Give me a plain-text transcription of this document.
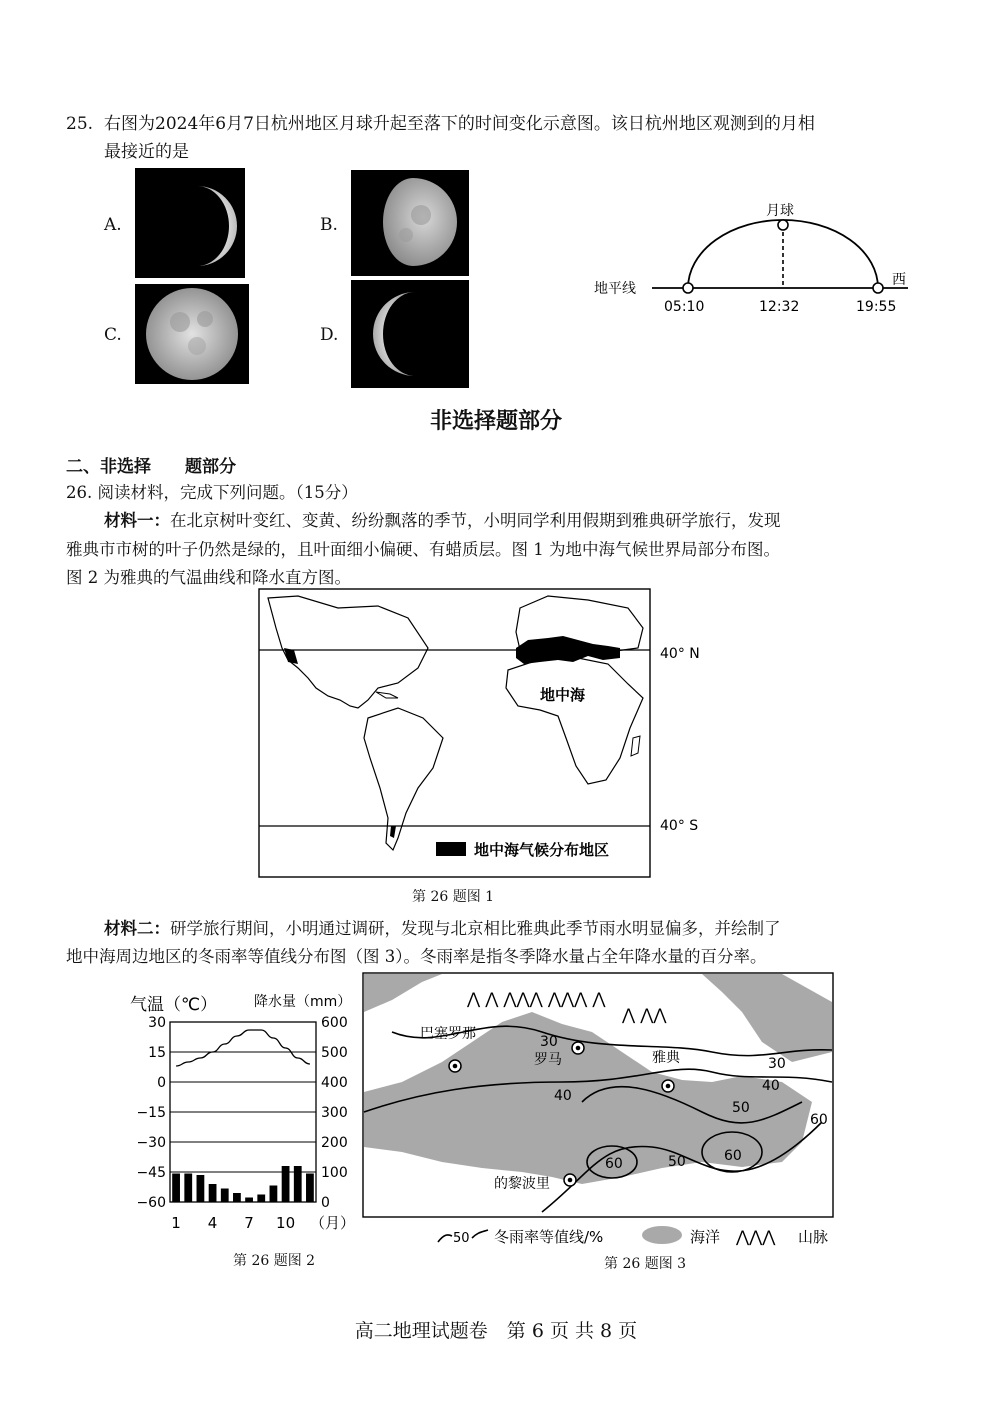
25. 右图为2024年6月7日杭州地区月球升起至落下的时间变化示意图。该日杭州地区观测到的月相
最接近的是
A.	B.
C.	D.
月球
地平线
西
05:10	12:32	19:55
非选择题部分
二、非选择　　题部分
26. 阅读材料，完成下列问题。（15分）
材料一：在北京树叶变红、变黄、纷纷飘落的季节，小明同学利用假期到雅典研学旅行，发现
雅典市市树的叶子仍然是绿的，且叶面细小偏硬、有蜡质层。图 1 为地中海气候世界局部分布图。
图 2 为雅典的气温曲线和降水直方图。
40° N
40° S
地中海
地中海气候分布地区
第 26 题图 1
材料二：研学旅行期间，小明通过调研，发现与北京相比雅典此季节雨水明显偏多，并绘制了
地中海周边地区的冬雨率等值线分布图（图 3）。冬雨率是指冬季降水量占全年降水量的百分率。
气温（℃）	降水量（mm）
30
15
0
−15
−30
−45
−60
600
500
400
300
200
100
0
1 4 7 10 （月）
第 26 题图 2
⋀ ⋀ ⋀⋀⋀ ⋀⋀⋀ ⋀
⋀ ⋀⋀
巴塞罗那
罗马	雅典
的黎波里
30
30
40
40
50
50
60	60
60
50 冬雨率等值线/%	海洋 ⋀⋀⋀ 山脉
第 26 题图 3
高二地理试题卷　第 6 页 共 8 页
